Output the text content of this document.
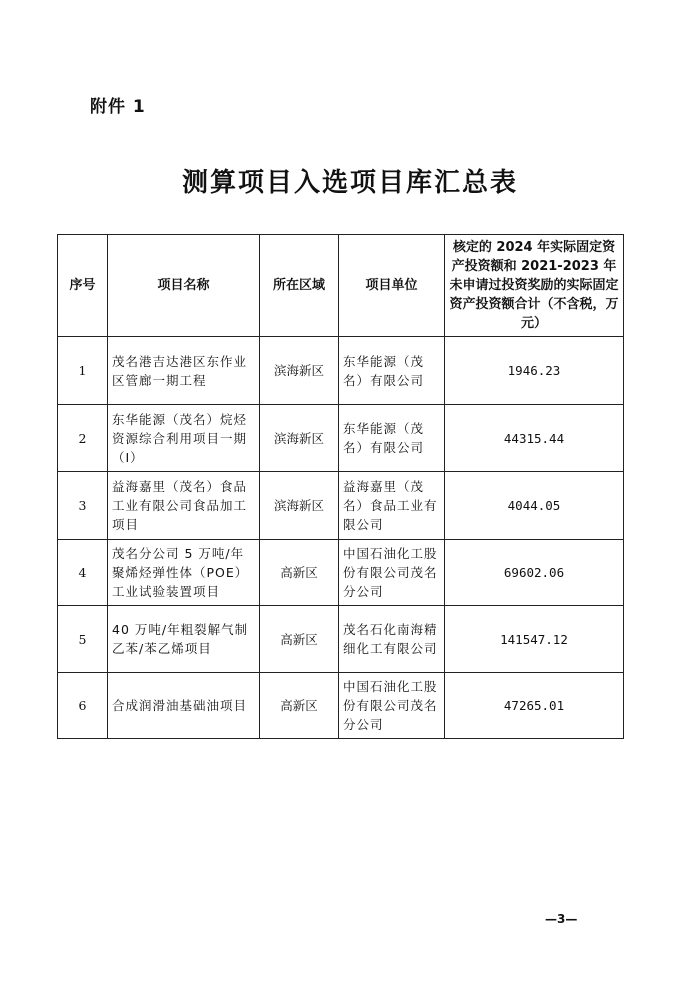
附件 1
测算项目入选项目库汇总表
序号	项目名称	所在区域	项目单位	核定的 2024 年实际固定资产投资额和 2021-2023 年未申请过投资奖励的实际固定资产投资额合计（不含税，万元）
1	茂名港吉达港区东作业区管廊一期工程	滨海新区	东华能源（茂名）有限公司	1946.23
2	东华能源（茂名）烷烃资源综合利用项目一期（Ⅰ）	滨海新区	东华能源（茂名）有限公司	44315.44
3	益海嘉里（茂名）食品工业有限公司食品加工项目	滨海新区	益海嘉里（茂名）食品工业有限公司	4044.05
4	茂名分公司 5 万吨/年聚烯烃弹性体（POE）工业试验装置项目	高新区	中国石油化工股份有限公司茂名分公司	69602.06
5	40 万吨/年粗裂解气制乙苯/苯乙烯项目	高新区	茂名石化南海精细化工有限公司	141547.12
6	合成润滑油基础油项目	高新区	中国石油化工股份有限公司茂名分公司	47265.01
—3—
